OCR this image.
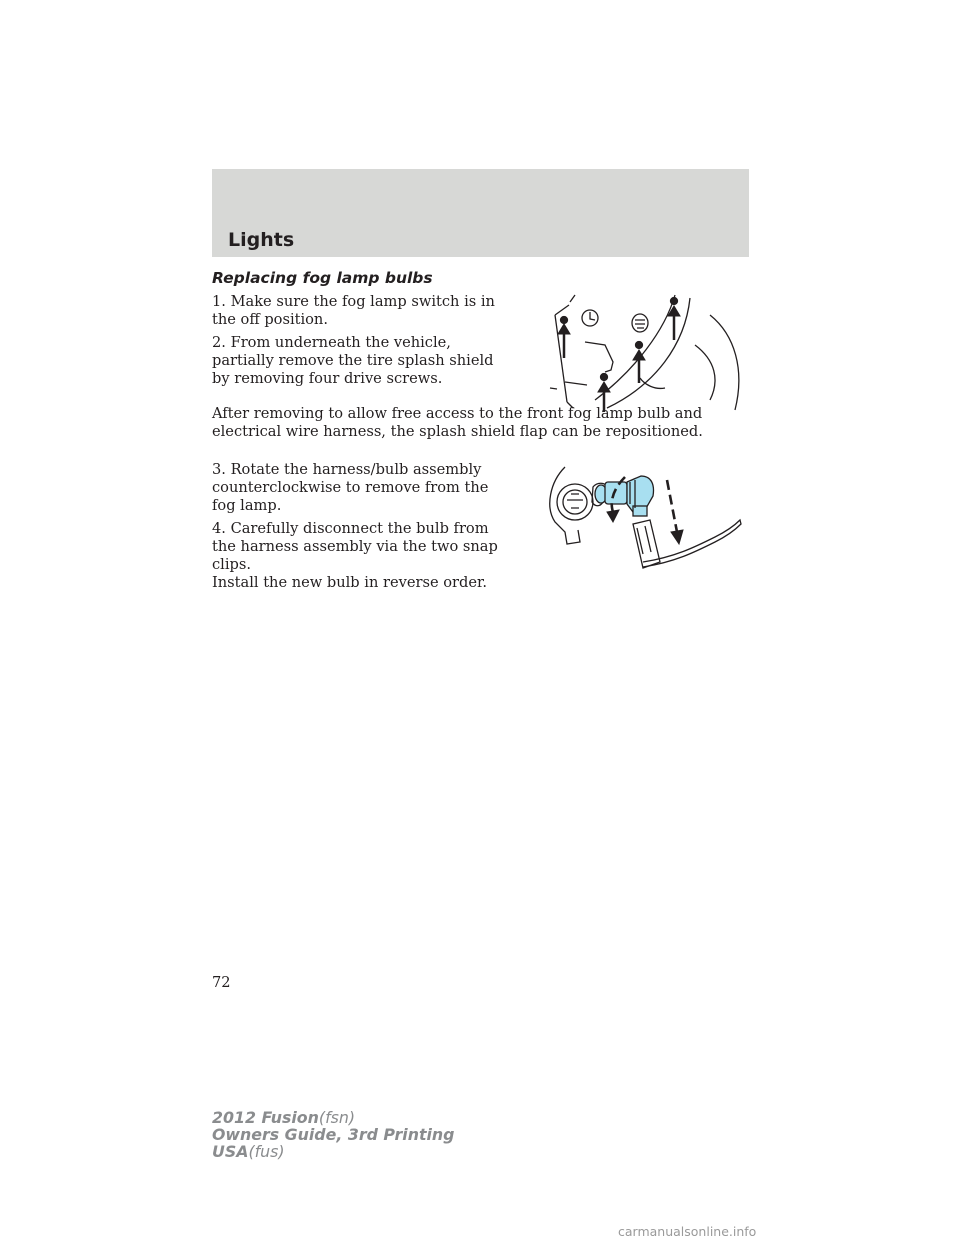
Lights
Replacing fog lamp bulbs

1. Make sure the fog lamp switch is in the off position.

2. From underneath the vehicle, partially remove the tire splash shield by removing four drive screws.

After removing to allow free access to the front fog lamp bulb and electrical wire harness, the splash shield flap can be repositioned.

3. Rotate the harness/bulb assembly counterclockwise to remove from the fog lamp.

4. Carefully disconnect the bulb from the harness assembly via the two snap clips.

Install the new bulb in reverse order.

72
2012 Fusion(fsn)
Owners Guide, 3rd Printing
USA(fus)
carmanualsonline.info
